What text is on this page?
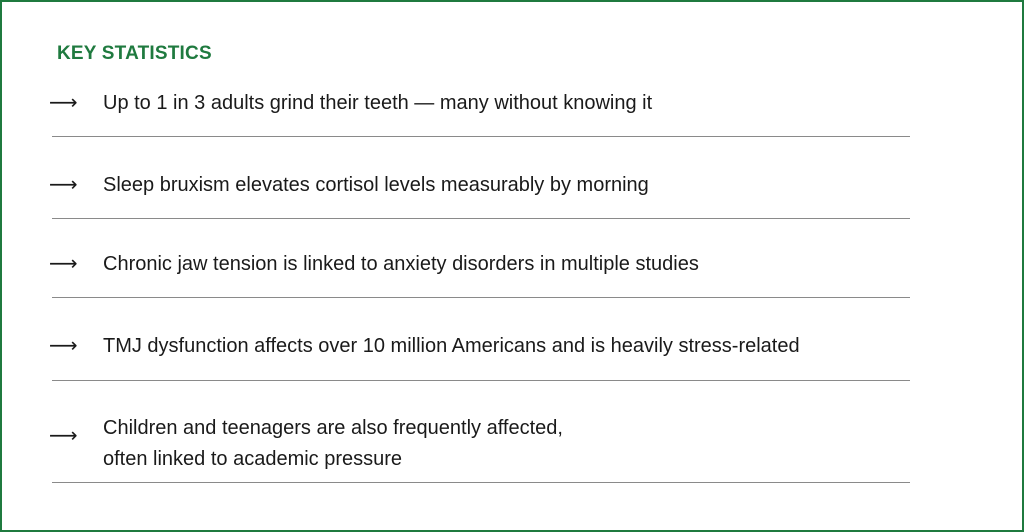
KEY STATISTICS
⟶ Up to 1 in 3 adults grind their teeth — many without knowing it
⟶ Sleep bruxism elevates cortisol levels measurably by morning
⟶ Chronic jaw tension is linked to anxiety disorders in multiple studies
⟶ TMJ dysfunction affects over 10 million Americans and is heavily stress-related
⟶ Children and teenagers are also frequently affected,
often linked to academic pressure
